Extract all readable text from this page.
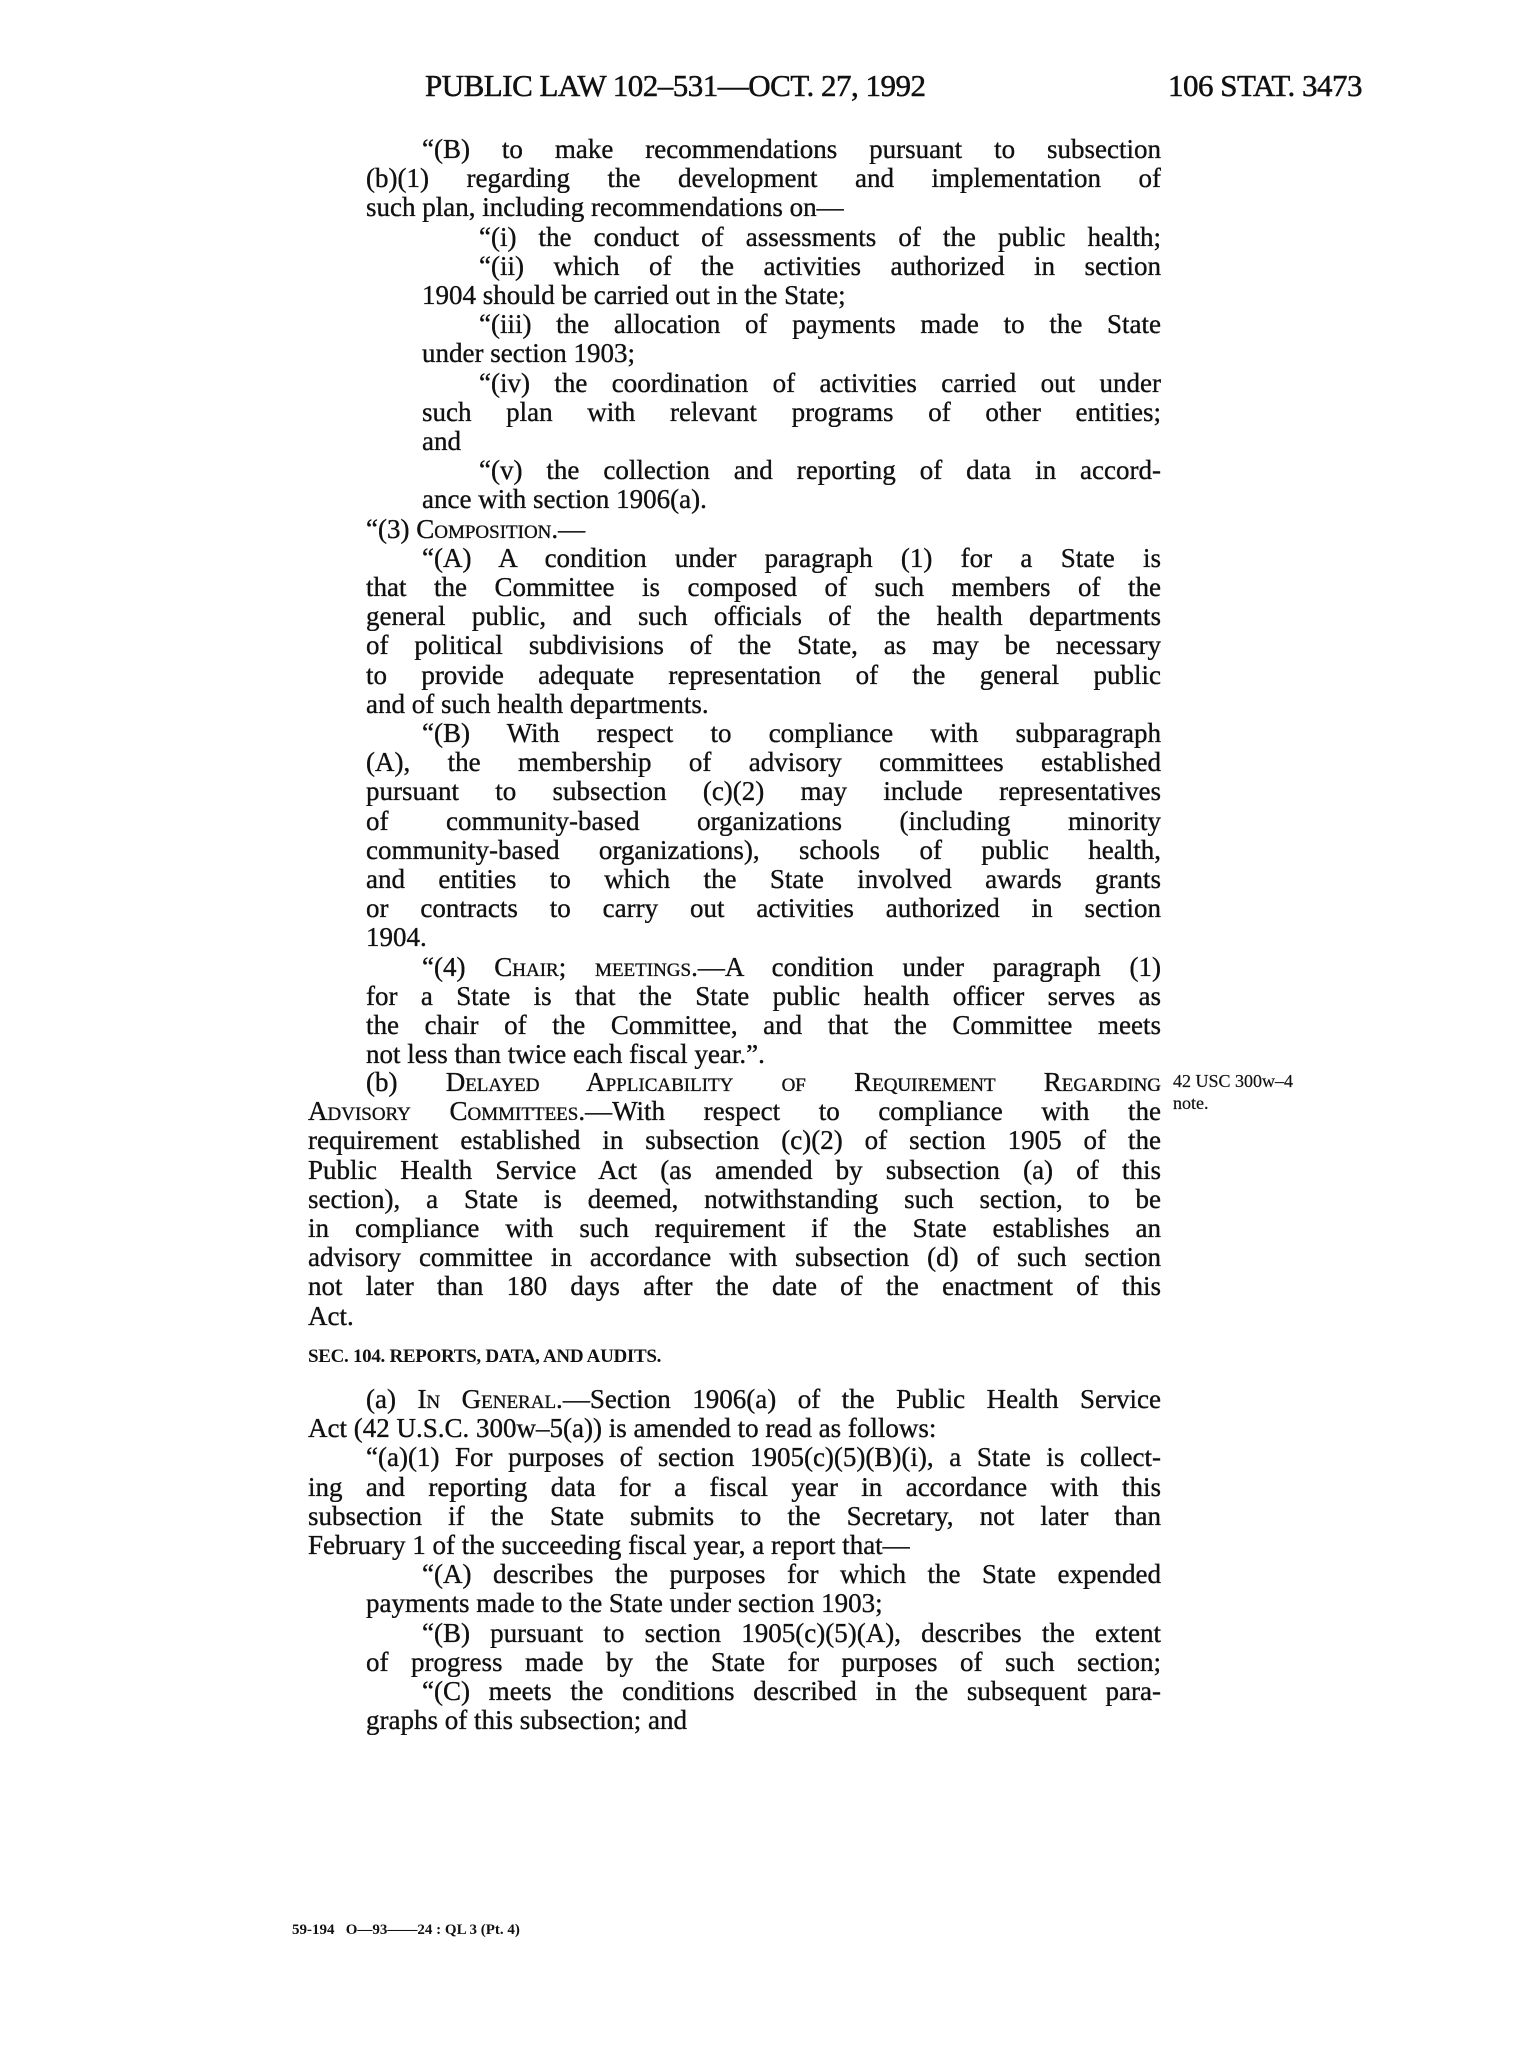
PUBLIC LAW 102–531—OCT. 27, 1992	106 STAT. 3473
“(B) to make recommendations pursuant to subsection
(b)(1) regarding the development and implementation of
such plan, including recommendations on—
“(i) the conduct of assessments of the public health;
“(ii) which of the activities authorized in section
1904 should be carried out in the State;
“(iii) the allocation of payments made to the State
under section 1903;
“(iv) the coordination of activities carried out under
such plan with relevant programs of other entities;
and
“(v) the collection and reporting of data in accord-
ance with section 1906(a).
“(3) Composition.—
“(A) A condition under paragraph (1) for a State is
that the Committee is composed of such members of the
general public, and such officials of the health departments
of political subdivisions of the State, as may be necessary
to provide adequate representation of the general public
and of such health departments.
“(B) With respect to compliance with subparagraph
(A), the membership of advisory committees established
pursuant to subsection (c)(2) may include representatives
of community-based organizations (including minority
community-based organizations), schools of public health,
and entities to which the State involved awards grants
or contracts to carry out activities authorized in section
1904.
“(4) Chair; meetings.—A condition under paragraph (1)
for a State is that the State public health officer serves as
the chair of the Committee, and that the Committee meets
not less than twice each fiscal year.”.
(b) Delayed Applicability of Requirement Regarding
Advisory Committees.—With respect to compliance with the
requirement established in subsection (c)(2) of section 1905 of the
Public Health Service Act (as amended by subsection (a) of this
section), a State is deemed, notwithstanding such section, to be
in compliance with such requirement if the State establishes an
advisory committee in accordance with subsection (d) of such section
not later than 180 days after the date of the enactment of this
Act.
42 USC 300w–4
note.
SEC. 104. REPORTS, DATA, AND AUDITS.
(a) In General.—Section 1906(a) of the Public Health Service
Act (42 U.S.C. 300w–5(a)) is amended to read as follows:
“(a)(1) For purposes of section 1905(c)(5)(B)(i), a State is collect-
ing and reporting data for a fiscal year in accordance with this
subsection if the State submits to the Secretary, not later than
February 1 of the succeeding fiscal year, a report that—
“(A) describes the purposes for which the State expended
payments made to the State under section 1903;
“(B) pursuant to section 1905(c)(5)(A), describes the extent
of progress made by the State for purposes of such section;
“(C) meets the conditions described in the subsequent para-
graphs of this subsection; and
59-194   O—93——24 : QL 3 (Pt. 4)
